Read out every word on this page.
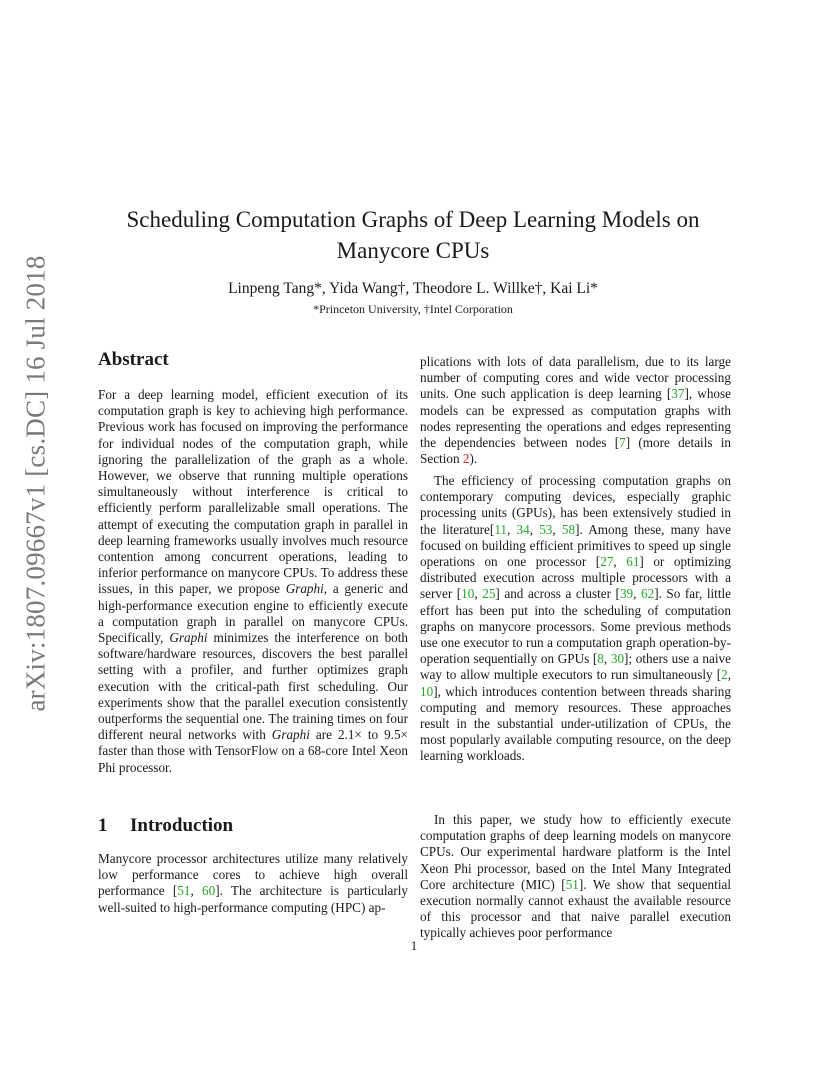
arXiv:1807.09667v1 [cs.DC] 16 Jul 2018
Scheduling Computation Graphs of Deep Learning Models on
Manycore CPUs
Linpeng Tang*, Yida Wang†, Theodore L. Willke†, Kai Li*
*Princeton University, †Intel Corporation
Abstract
For a deep learning model, efficient execution of its computation graph is key to achieving high performance. Previous work has focused on improving the performance for individual nodes of the computation graph, while ignoring the parallelization of the graph as a whole. However, we observe that running multiple operations simultaneously without interference is critical to efficiently perform parallelizable small operations. The attempt of executing the computation graph in parallel in deep learning frameworks usually involves much resource contention among concurrent operations, leading to inferior performance on manycore CPUs. To address these issues, in this paper, we propose Graphi, a generic and high-performance execution engine to efficiently execute a computation graph in parallel on manycore CPUs. Specifically, Graphi minimizes the interference on both software/hardware resources, discovers the best parallel setting with a profiler, and further optimizes graph execution with the critical-path first scheduling. Our experiments show that the parallel execution consistently outperforms the sequential one. The training times on four different neural networks with Graphi are 2.1× to 9.5× faster than those with TensorFlow on a 68-core Intel Xeon Phi processor.
1 Introduction
Manycore processor architectures utilize many relatively low performance cores to achieve high overall performance [51, 60]. The architecture is particularly well-suited to high-performance computing (HPC) ap-
plications with lots of data parallelism, due to its large number of computing cores and wide vector processing units. One such application is deep learning [37], whose models can be expressed as computation graphs with nodes representing the operations and edges representing the dependencies between nodes [7] (more details in Section 2).
The efficiency of processing computation graphs on contemporary computing devices, especially graphic processing units (GPUs), has been extensively studied in the literature[11, 34, 53, 58]. Among these, many have focused on building efficient primitives to speed up single operations on one processor [27, 61] or optimizing distributed execution across multiple processors with a server [10, 25] and across a cluster [39, 62]. So far, little effort has been put into the scheduling of computation graphs on manycore processors. Some previous methods use one executor to run a computation graph operation-by-operation sequentially on GPUs [8, 30]; others use a naive way to allow multiple executors to run simultaneously [2, 10], which introduces contention between threads sharing computing and memory resources. These approaches result in the substantial under-utilization of CPUs, the most popularly available computing resource, on the deep learning workloads.
In this paper, we study how to efficiently execute computation graphs of deep learning models on manycore CPUs. Our experimental hardware platform is the Intel Xeon Phi processor, based on the Intel Many Integrated Core architecture (MIC) [51]. We show that sequential execution normally cannot exhaust the available resource of this processor and that naive parallel execution typically achieves poor performance
1
